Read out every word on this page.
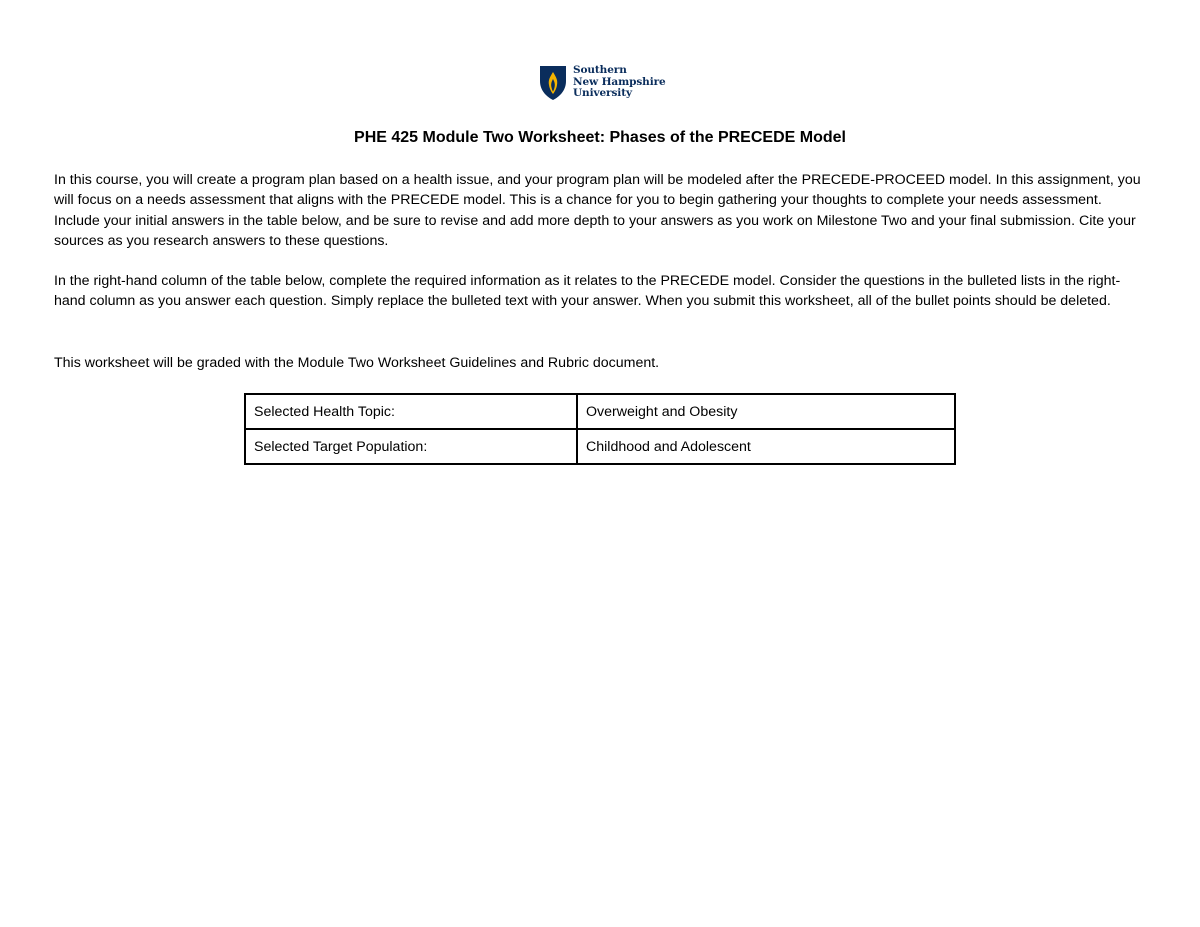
Southern
New Hampshire
University
PHE 425 Module Two Worksheet: Phases of the PRECEDE Model

In this course, you will create a program plan based on a health issue, and your program plan will be modeled after the PRECEDE-PROCEED model. In this assignment, you will focus on a needs assessment that aligns with the PRECEDE model. This is a chance for you to begin gathering your thoughts to complete your needs assessment. Include your initial answers in the table below, and be sure to revise and add more depth to your answers as you work on Milestone Two and your final submission. Cite your sources as you research answers to these questions.

In the right-hand column of the table below, complete the required information as it relates to the PRECEDE model. Consider the questions in the bulleted lists in the right-hand column as you answer each question. Simply replace the bulleted text with your answer. When you submit this worksheet, all of the bullet points should be deleted.

This worksheet will be graded with the Module Two Worksheet Guidelines and Rubric document.

Selected Health Topic:	Overweight and Obesity
Selected Target Population:	Childhood and Adolescent
